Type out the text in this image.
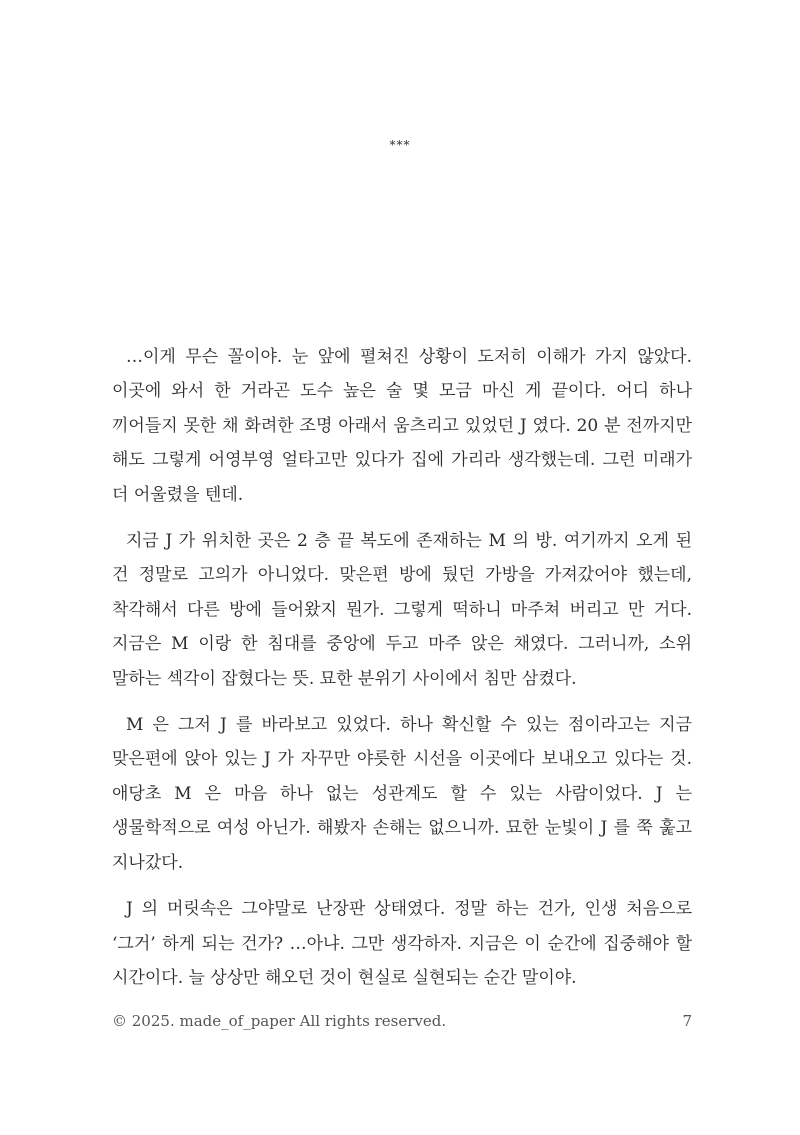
***

…이게 무슨 꼴이야. 눈 앞에 펼쳐진 상황이 도저히 이해가 가지 않았다. 이곳에 와서 한 거라곤 도수 높은 술 몇 모금 마신 게 끝이다. 어디 하나 끼어들지 못한 채 화려한 조명 아래서 움츠리고 있었던 J 였다. 20 분 전까지만 해도 그렇게 어영부영 얼타고만 있다가 집에 가리라 생각했는데. 그런 미래가 더 어울렸을 텐데.

지금 J 가 위치한 곳은 2 층 끝 복도에 존재하는 M 의 방. 여기까지 오게 된 건 정말로 고의가 아니었다. 맞은편 방에 뒀던 가방을 가져갔어야 했는데, 착각해서 다른 방에 들어왔지 뭔가. 그렇게 떡하니 마주쳐 버리고 만 거다. 지금은 M 이랑 한 침대를 중앙에 두고 마주 앉은 채였다. 그러니까, 소위 말하는 섹각이 잡혔다는 뜻. 묘한 분위기 사이에서 침만 삼켰다.

M 은 그저 J 를 바라보고 있었다. 하나 확신할 수 있는 점이라고는 지금 맞은편에 앉아 있는 J 가 자꾸만 야릇한 시선을 이곳에다 보내오고 있다는 것. 애당초 M 은 마음 하나 없는 성관계도 할 수 있는 사람이었다. J 는 생물학적으로 여성 아닌가. 해봤자 손해는 없으니까. 묘한 눈빛이 J 를 쭉 훑고 지나갔다.

J 의 머릿속은 그야말로 난장판 상태였다. 정말 하는 건가, 인생 처음으로 ‘그거’ 하게 되는 건가? …아냐. 그만 생각하자. 지금은 이 순간에 집중해야 할 시간이다. 늘 상상만 해오던 것이 현실로 실현되는 순간 말이야.

© 2025. made_of_paper All rights reserved.	7
